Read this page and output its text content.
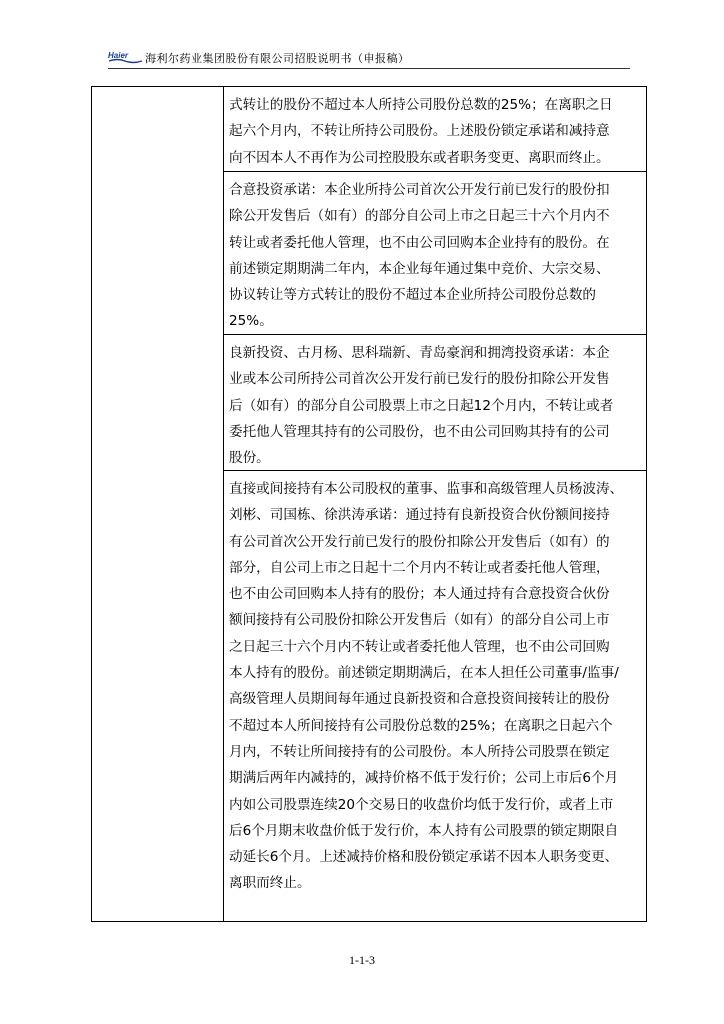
Haier 海利尔药业集团股份有限公司招股说明书（申报稿）
式转让的股份不超过本人所持公司股份总数的25%；在离职之日
起六个月内，不转让所持公司股份。上述股份锁定承诺和减持意
向不因本人不再作为公司控股股东或者职务变更、离职而终止。
合意投资承诺：本企业所持公司首次公开发行前已发行的股份扣
除公开发售后（如有）的部分自公司上市之日起三十六个月内不
转让或者委托他人管理，也不由公司回购本企业持有的股份。在
前述锁定期期满二年内，本企业每年通过集中竞价、大宗交易、
协议转让等方式转让的股份不超过本企业所持公司股份总数的
25%。
良新投资、古月杨、思科瑞新、青岛豪润和拥湾投资承诺：本企
业或本公司所持公司首次公开发行前已发行的股份扣除公开发售
后（如有）的部分自公司股票上市之日起12个月内，不转让或者
委托他人管理其持有的公司股份，也不由公司回购其持有的公司
股份。
直接或间接持有本公司股权的董事、监事和高级管理人员杨波涛、
刘彬、司国栋、徐洪涛承诺：通过持有良新投资合伙份额间接持
有公司首次公开发行前已发行的股份扣除公开发售后（如有）的
部分，自公司上市之日起十二个月内不转让或者委托他人管理，
也不由公司回购本人持有的股份；本人通过持有合意投资合伙份
额间接持有公司股份扣除公开发售后（如有）的部分自公司上市
之日起三十六个月内不转让或者委托他人管理，也不由公司回购
本人持有的股份。前述锁定期期满后，在本人担任公司董事/监事/
高级管理人员期间每年通过良新投资和合意投资间接转让的股份
不超过本人所间接持有公司股份总数的25%；在离职之日起六个
月内，不转让所间接持有的公司股份。本人所持公司股票在锁定
期满后两年内减持的，减持价格不低于发行价；公司上市后6个月
内如公司股票连续20个交易日的收盘价均低于发行价，或者上市
后6个月期末收盘价低于发行价，本人持有公司股票的锁定期限自
动延长6个月。上述减持价格和股份锁定承诺不因本人职务变更、
离职而终止。
1-1-3
